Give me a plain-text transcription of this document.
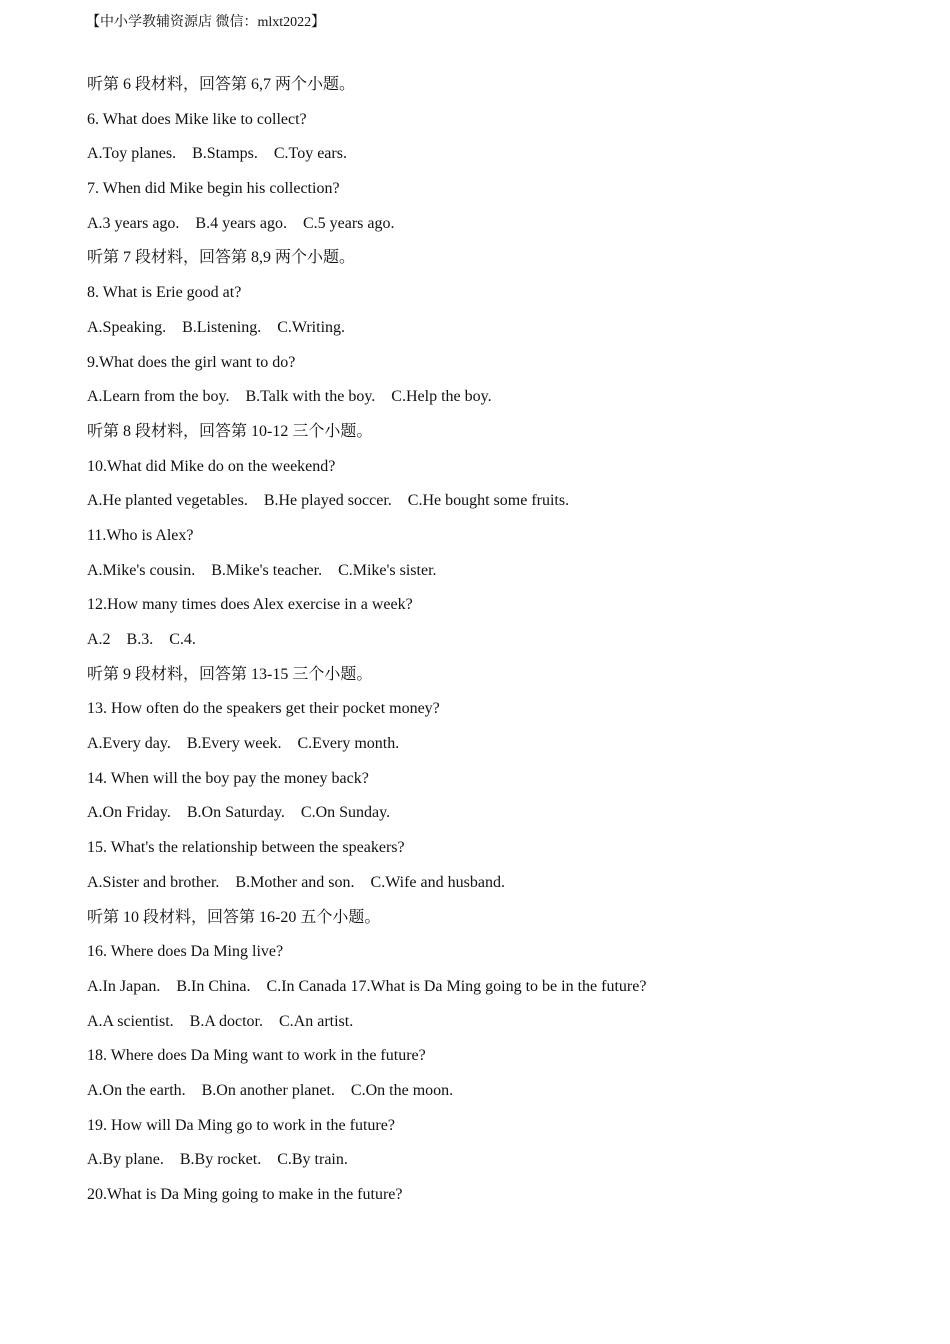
【中小学教辅资源店 微信：mlxt2022】
听第 6 段材料，回答第 6,7 两个小题。
6. What does Mike like to collect?
A.Toy planes.    B.Stamps.    C.Toy ears.
7. When did Mike begin his collection?
A.3 years ago.    B.4 years ago.    C.5 years ago.
听第 7 段材料，回答第 8,9 两个小题。
8. What is Erie good at?
A.Speaking.    B.Listening.    C.Writing.
9.What does the girl want to do?
A.Learn from the boy.    B.Talk with the boy.    C.Help the boy.
听第 8 段材料，回答第 10-12 三个小题。
10.What did Mike do on the weekend?
A.He planted vegetables.    B.He played soccer.    C.He bought some fruits.
11.Who is Alex?
A.Mike's cousin.    B.Mike's teacher.    C.Mike's sister.
12.How many times does Alex exercise in a week?
A.2    B.3.    C.4.
听第 9 段材料，回答第 13-15 三个小题。
13. How often do the speakers get their pocket money?
A.Every day.    B.Every week.    C.Every month.
14. When will the boy pay the money back?
A.On Friday.    B.On Saturday.    C.On Sunday.
15. What's the relationship between the speakers?
A.Sister and brother.    B.Mother and son.    C.Wife and husband.
听第 10 段材料，回答第 16-20 五个小题。
16. Where does Da Ming live?
A.In Japan.    B.In China.    C.In Canada 17.What is Da Ming going to be in the future?
A.A scientist.    B.A doctor.    C.An artist.
18. Where does Da Ming want to work in the future?
A.On the earth.    B.On another planet.    C.On the moon.
19. How will Da Ming go to work in the future?
A.By plane.    B.By rocket.    C.By train.
20.What is Da Ming going to make in the future?
